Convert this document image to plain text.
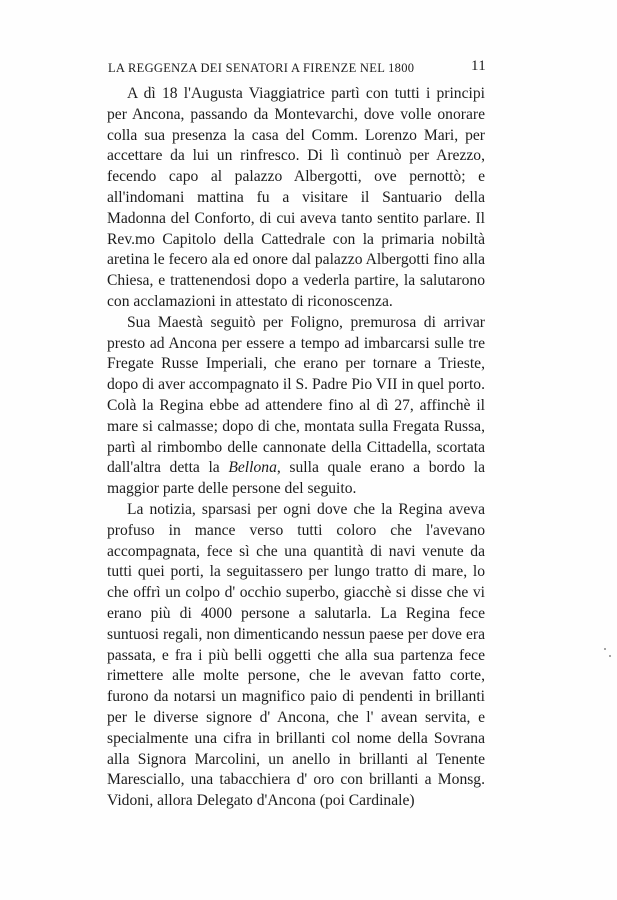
LA REGGENZA DEI SENATORI A FIRENZE NEL 1800	11

A dì 18 l'Augusta Viaggiatrice partì con tutti i principi per Ancona, passando da Montevarchi, dove volle onorare colla sua presenza la casa del Comm. Lorenzo Mari, per accettare da lui un rinfresco. Di lì continuò per Arezzo, fecendo capo al palazzo Albergotti, ove pernottò; e all'indomani mattina fu a visitare il Santuario della Madonna del Conforto, di cui aveva tanto sentito parlare. Il Rev.mo Capitolo della Cattedrale con la primaria nobiltà aretina le fecero ala ed onore dal palazzo Albergotti fino alla Chiesa, e trattenendosi dopo a vederla partire, la salutarono con acclamazioni in attestato di riconoscenza.

Sua Maestà seguitò per Foligno, premurosa di arrivar presto ad Ancona per essere a tempo ad imbarcarsi sulle tre Fregate Russe Imperiali, che erano per tornare a Trieste, dopo di aver accompagnato il S. Padre Pio VII in quel porto. Colà la Regina ebbe ad attendere fino al dì 27, affinchè il mare si calmasse; dopo di che, montata sulla Fregata Russa, partì al rimbombo delle cannonate della Cittadella, scortata dall'altra detta la Bellona, sulla quale erano a bordo la maggior parte delle persone del seguito.

La notizia, sparsasi per ogni dove che la Regina aveva profuso in mance verso tutti coloro che l'avevano accompagnata, fece sì che una quantità di navi venute da tutti quei porti, la seguitassero per lungo tratto di mare, lo che offrì un colpo d' occhio superbo, giacchè si disse che vi erano più di 4000 persone a salutarla. La Regina fece suntuosi regali, non dimenticando nessun paese per dove era passata, e fra i più belli oggetti che alla sua partenza fece rimettere alle molte persone, che le avevan fatto corte, furono da notarsi un magnifico paio di pendenti in brillanti per le diverse signore d' Ancona, che l' avean servita, e specialmente una cifra in brillanti col nome della Sovrana alla Signora Marcolini, un anello in brillanti al Tenente Maresciallo, una tabacchiera d' oro con brillanti a Monsg. Vidoni, allora Delegato d'Ancona (poi Cardinale)
